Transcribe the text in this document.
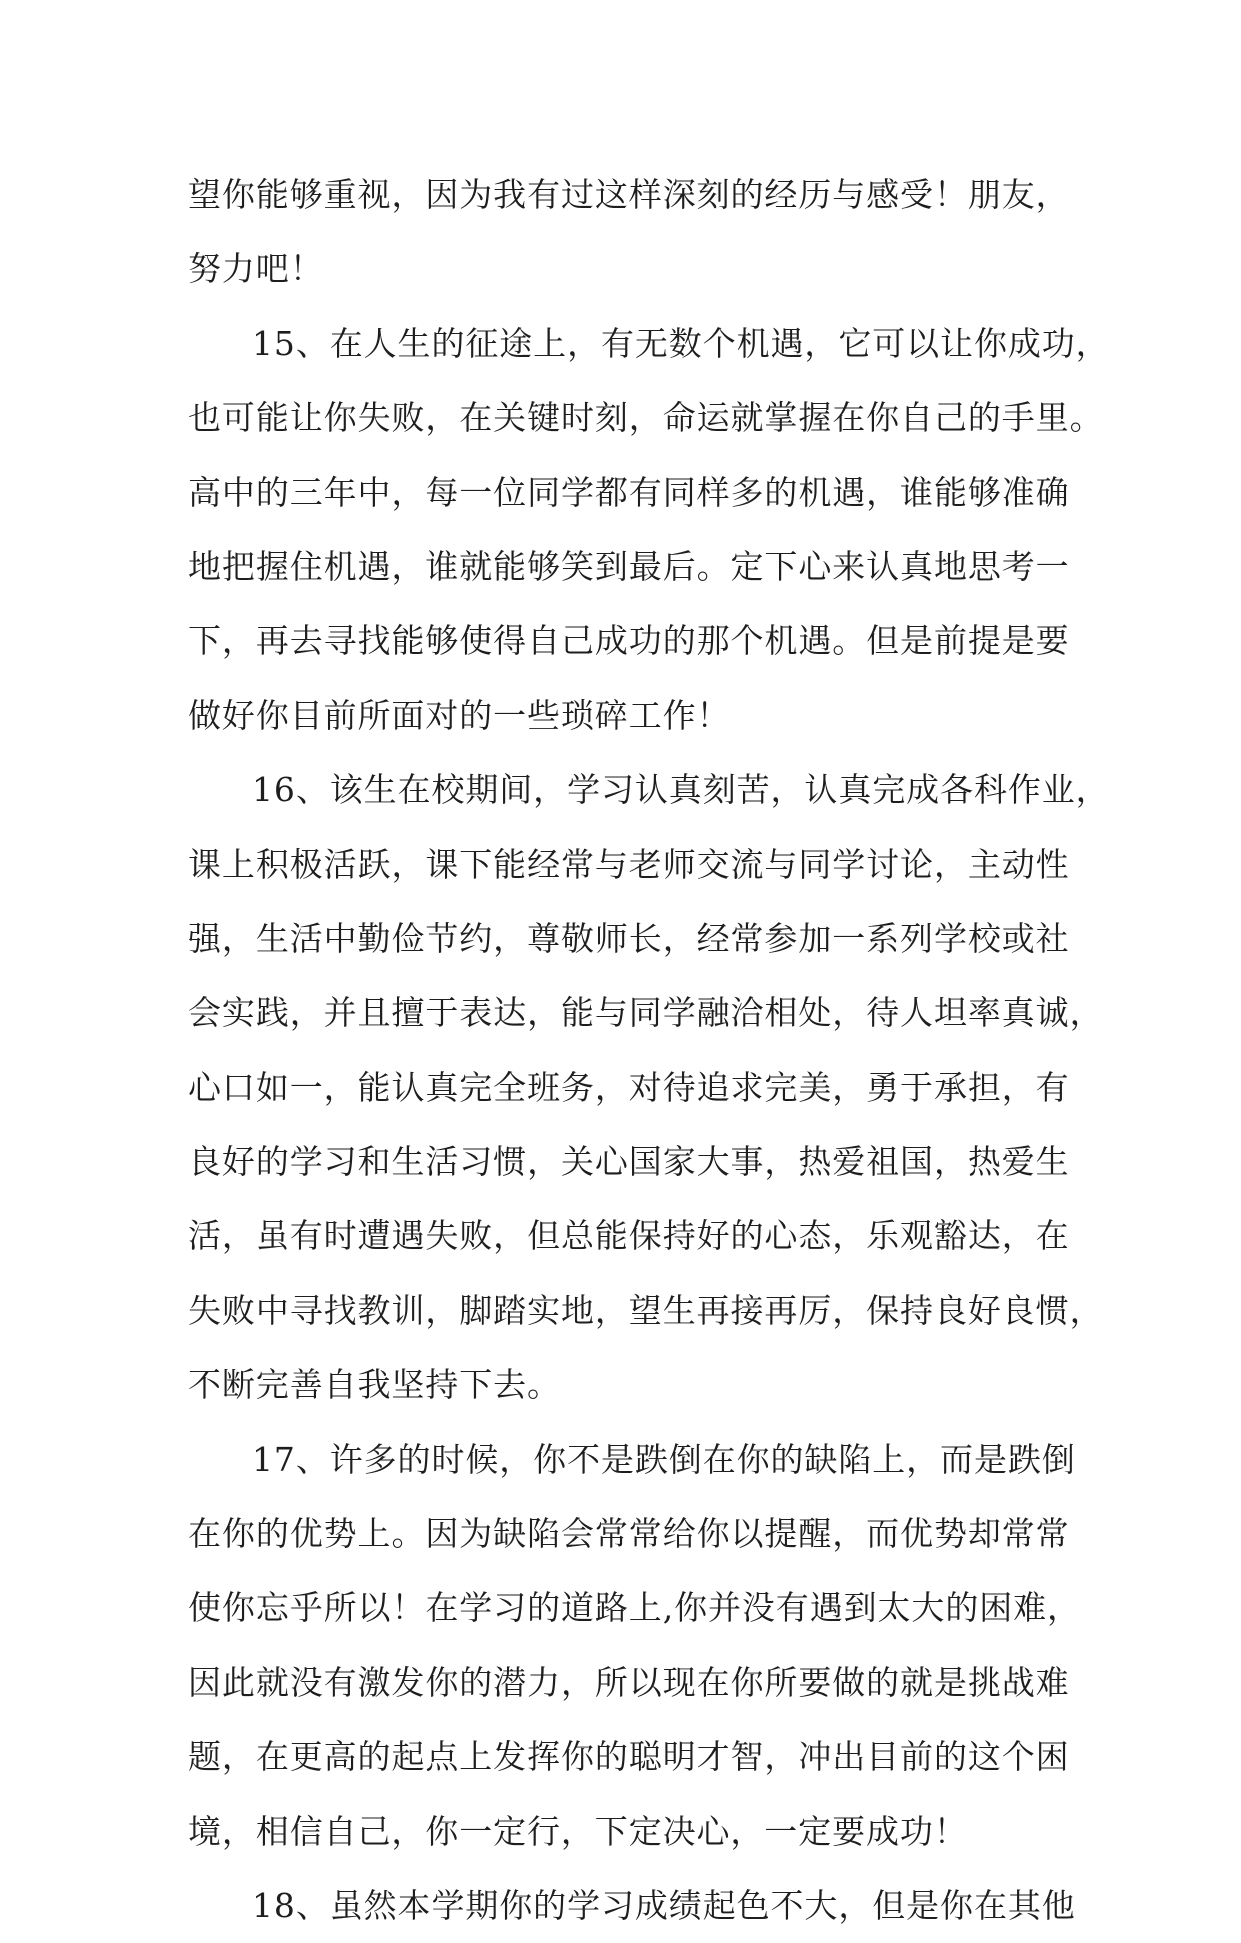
望 你 能 够 重 视 ， 因 为 我 有 过 这 样 深 刻 的 经 历 与 感 受 ！ 朋 友 ，
努力吧！
1 5 、 在 人 生 的 征 途 上 ， 有 无 数 个 机 遇 ， 它 可 以 让 你 成 功 ，
也 可 能 让 你 失 败 ， 在 关 键 时 刻 ， 命 运 就 掌 握 在 你 自 己 的 手 里 。
高 中 的 三 年 中 ， 每 一 位 同 学 都 有 同 样 多 的 机 遇 ， 谁 能 够 准 确
地 把 握 住 机 遇 ， 谁 就 能 够 笑 到 最 后 。 定 下 心 来 认 真 地 思 考 一
下 ， 再 去 寻 找 能 够 使 得 自 己 成 功 的 那 个 机 遇 。 但 是 前 提 是 要
做好你目前所面对的一些琐碎工作！
1 6 、 该 生 在 校 期 间 ， 学 习 认 真 刻 苦 ， 认 真 完 成 各 科 作 业 ，
课 上 积 极 活 跃 ， 课 下 能 经 常 与 老 师 交 流 与 同 学 讨 论 ， 主 动 性
强 ， 生 活 中 勤 俭 节 约 ， 尊 敬 师 长 ， 经 常 参 加 一 系 列 学 校 或 社
会 实 践 ， 并 且 擅 于 表 达 ， 能 与 同 学 融 洽 相 处 ， 待 人 坦 率 真 诚 ，
心 口 如 一 ， 能 认 真 完 全 班 务 ， 对 待 追 求 完 美 ， 勇 于 承 担 ， 有
良 好 的 学 习 和 生 活 习 惯 ， 关 心 国 家 大 事 ， 热 爱 祖 国 ， 热 爱 生
活 ， 虽 有 时 遭 遇 失 败 ， 但 总 能 保 持 好 的 心 态 ， 乐 观 豁 达 ， 在
失 败 中 寻 找 教 训 ， 脚 踏 实 地 ， 望 生 再 接 再 厉 ， 保 持 良 好 良 惯 ，
不断完善自我坚持下去。
1 7 、 许 多 的 时 候 ， 你 不 是 跌 倒 在 你 的 缺 陷 上 ， 而 是 跌 倒
在 你 的 优 势 上 。 因 为 缺 陷 会 常 常 给 你 以 提 醒 ， 而 优 势 却 常 常
使 你 忘 乎 所 以 ！ 在 学 习 的 道 路 上 , 你 并 没 有 遇 到 太 大 的 困 难 ，
因 此 就 没 有 激 发 你 的 潜 力 ， 所 以 现 在 你 所 要 做 的 就 是 挑 战 难
题 ， 在 更 高 的 起 点 上 发 挥 你 的 聪 明 才 智 ， 冲 出 目 前 的 这 个 困
境，相信自己，你一定行，下定决心，一定要成功！
1 8 、 虽 然 本 学 期 你 的 学 习 成 绩 起 色 不 大 ， 但 是 你 在 其 他
